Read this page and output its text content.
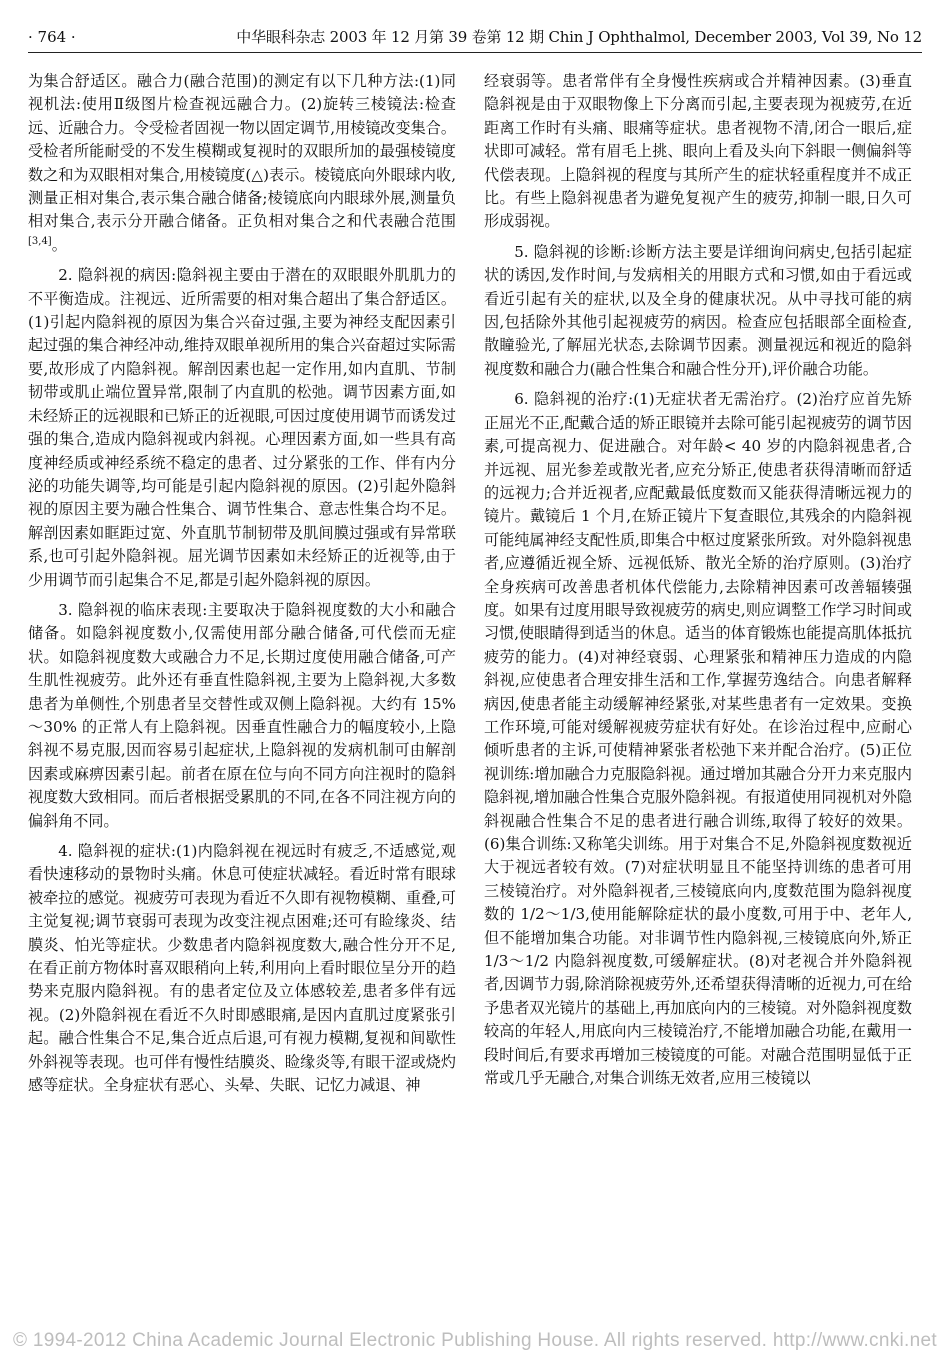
· 764 ·	中华眼科杂志 2003 年 12 月第 39 卷第 12 期 Chin J Ophthalmol, December 2003, Vol 39, No 12

为集合舒适区。融合力(融合范围)的测定有以下几种方法:(1)同视机法:使用Ⅱ级图片检查视远融合力。(2)旋转三棱镜法:检查远、近融合力。令受检者固视一物以固定调节,用棱镜改变集合。受检者所能耐受的不发生模糊或复视时的双眼所加的最强棱镜度数之和为双眼相对集合,用棱镜度(△)表示。棱镜底向外眼球内收,测量正相对集合,表示集合融合储备;棱镜底向内眼球外展,测量负相对集合,表示分开融合储备。正负相对集合之和代表融合范围[3,4]。

2. 隐斜视的病因:隐斜视主要由于潜在的双眼眼外肌肌力的不平衡造成。注视远、近所需要的相对集合超出了集合舒适区。(1)引起内隐斜视的原因为集合兴奋过强,主要为神经支配因素引起过强的集合神经冲动,维持双眼单视所用的集合兴奋超过实际需要,故形成了内隐斜视。解剖因素也起一定作用,如内直肌、节制韧带或肌止端位置异常,限制了内直肌的松弛。调节因素方面,如未经矫正的远视眼和已矫正的近视眼,可因过度使用调节而诱发过强的集合,造成内隐斜视或内斜视。心理因素方面,如一些具有高度神经质或神经系统不稳定的患者、过分紧张的工作、伴有内分泌的功能失调等,均可能是引起内隐斜视的原因。(2)引起外隐斜视的原因主要为融合性集合、调节性集合、意志性集合均不足。解剖因素如眶距过宽、外直肌节制韧带及肌间膜过强或有异常联系,也可引起外隐斜视。屈光调节因素如未经矫正的近视等,由于少用调节而引起集合不足,都是引起外隐斜视的原因。

3. 隐斜视的临床表现:主要取决于隐斜视度数的大小和融合储备。如隐斜视度数小,仅需使用部分融合储备,可代偿而无症状。如隐斜视度数大或融合力不足,长期过度使用融合储备,可产生肌性视疲劳。此外还有垂直性隐斜视,主要为上隐斜视,大多数患者为单侧性,个别患者呈交替性或双侧上隐斜视。大约有 15%～30% 的正常人有上隐斜视。因垂直性融合力的幅度较小,上隐斜视不易克服,因而容易引起症状,上隐斜视的发病机制可由解剖因素或麻痹因素引起。前者在原在位与向不同方向注视时的隐斜视度数大致相同。而后者根据受累肌的不同,在各不同注视方向的偏斜角不同。

4. 隐斜视的症状:(1)内隐斜视在视远时有疲乏,不适感觉,观看快速移动的景物时头痛。休息可使症状减轻。看近时常有眼球被牵拉的感觉。视疲劳可表现为看近不久即有视物模糊、重叠,可主觉复视;调节衰弱可表现为改变注视点困难;还可有睑缘炎、结膜炎、怕光等症状。少数患者内隐斜视度数大,融合性分开不足,在看正前方物体时喜双眼稍向上转,利用向上看时眼位呈分开的趋势来克服内隐斜视。有的患者定位及立体感较差,患者多伴有远视。(2)外隐斜视在看近不久时即感眼痛,是因内直肌过度紧张引起。融合性集合不足,集合近点后退,可有视力模糊,复视和间歇性外斜视等表现。也可伴有慢性结膜炎、睑缘炎等,有眼干涩或烧灼感等症状。全身症状有恶心、头晕、失眠、记忆力减退、神

经衰弱等。患者常伴有全身慢性疾病或合并精神因素。(3)垂直隐斜视是由于双眼物像上下分离而引起,主要表现为视疲劳,在近距离工作时有头痛、眼痛等症状。患者视物不清,闭合一眼后,症状即可减轻。常有眉毛上挑、眼向上看及头向下斜眼一侧偏斜等代偿表现。上隐斜视的程度与其所产生的症状轻重程度并不成正比。有些上隐斜视患者为避免复视产生的疲劳,抑制一眼,日久可形成弱视。

5. 隐斜视的诊断:诊断方法主要是详细询问病史,包括引起症状的诱因,发作时间,与发病相关的用眼方式和习惯,如由于看远或看近引起有关的症状,以及全身的健康状况。从中寻找可能的病因,包括除外其他引起视疲劳的病因。检查应包括眼部全面检查,散瞳验光,了解屈光状态,去除调节因素。测量视远和视近的隐斜视度数和融合力(融合性集合和融合性分开),评价融合功能。

6. 隐斜视的治疗:(1)无症状者无需治疗。(2)治疗应首先矫正屈光不正,配戴合适的矫正眼镜并去除可能引起视疲劳的调节因素,可提高视力、促进融合。对年龄< 40 岁的内隐斜视患者,合并远视、屈光参差或散光者,应充分矫正,使患者获得清晰而舒适的远视力;合并近视者,应配戴最低度数而又能获得清晰远视力的镜片。戴镜后 1 个月,在矫正镜片下复查眼位,其残余的内隐斜视可能纯属神经支配性质,即集合中枢过度紧张所致。对外隐斜视患者,应遵循近视全矫、远视低矫、散光全矫的治疗原则。(3)治疗全身疾病可改善患者机体代偿能力,去除精神因素可改善辐辏强度。如果有过度用眼导致视疲劳的病史,则应调整工作学习时间或习惯,使眼睛得到适当的休息。适当的体育锻炼也能提高肌体抵抗疲劳的能力。(4)对神经衰弱、心理紧张和精神压力造成的内隐斜视,应使患者合理安排生活和工作,掌握劳逸结合。向患者解释病因,使患者能主动缓解神经紧张,对某些患者有一定效果。变换工作环境,可能对缓解视疲劳症状有好处。在诊治过程中,应耐心倾听患者的主诉,可使精神紧张者松弛下来并配合治疗。(5)正位视训练:增加融合力克服隐斜视。通过增加其融合分开力来克服内隐斜视,增加融合性集合克服外隐斜视。有报道使用同视机对外隐斜视融合性集合不足的患者进行融合训练,取得了较好的效果。(6)集合训练:又称笔尖训练。用于对集合不足,外隐斜视度数视近大于视远者较有效。(7)对症状明显且不能坚持训练的患者可用三棱镜治疗。对外隐斜视者,三棱镜底向内,度数范围为隐斜视度数的 1/2～1/3,使用能解除症状的最小度数,可用于中、老年人,但不能增加集合功能。对非调节性内隐斜视,三棱镜底向外,矫正 1/3～1/2 内隐斜视度数,可缓解症状。(8)对老视合并外隐斜视者,因调节力弱,除消除视疲劳外,还希望获得清晰的近视力,可在给予患者双光镜片的基础上,再加底向内的三棱镜。对外隐斜视度数较高的年轻人,用底向内三棱镜治疗,不能增加融合功能,在戴用一段时间后,有要求再增加三棱镜度的可能。对融合范围明显低于正常或几乎无融合,对集合训练无效者,应用三棱镜以

© 1994-2012 China Academic Journal Electronic Publishing House. All rights reserved. http://www.cnki.net
